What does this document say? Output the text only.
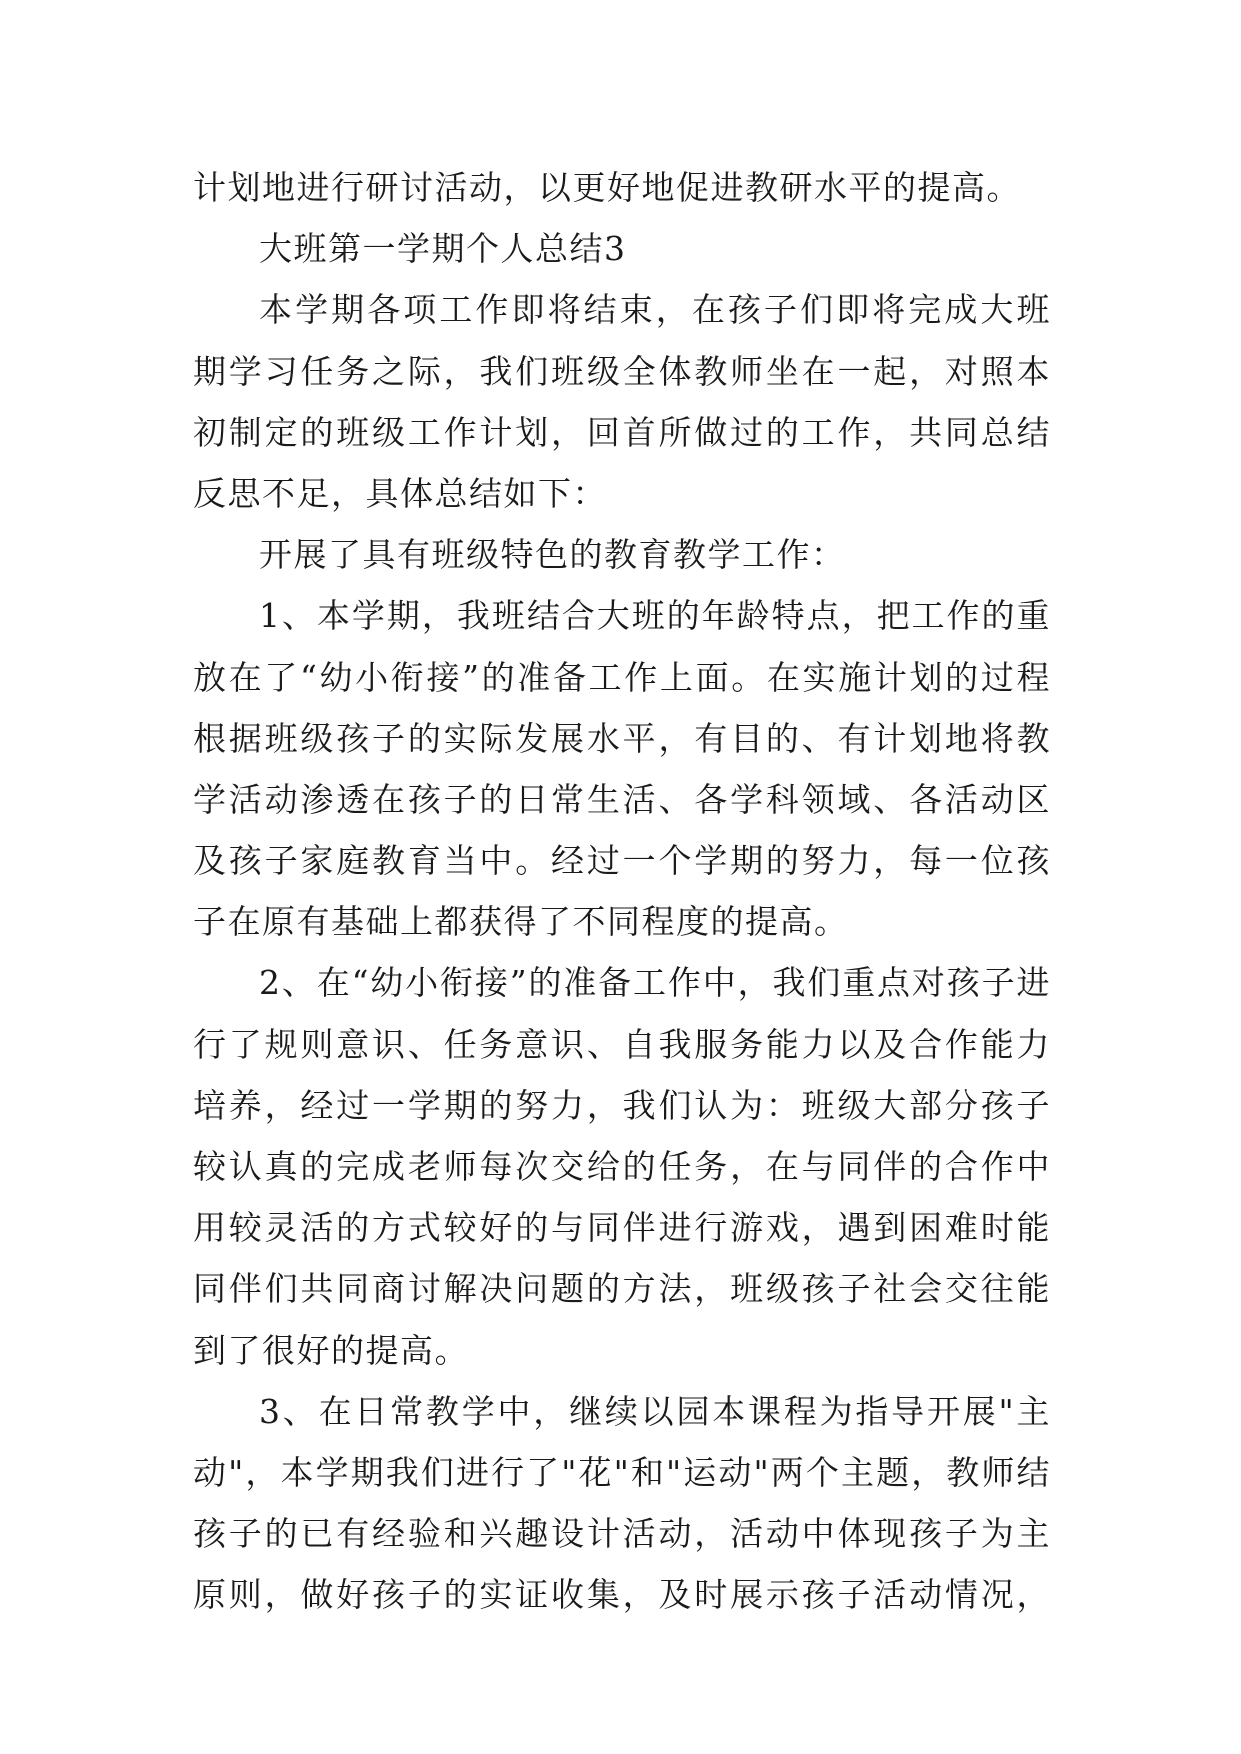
计划地进行研讨活动，以更好地促进教研水平的提高。
大班第一学期个人总结3
本学期各项工作即将结束，在孩子们即将完成大班
期学习任务之际，我们班级全体教师坐在一起，对照本
初制定的班级工作计划，回首所做过的工作，共同总结
反思不足，具体总结如下：
开展了具有班级特色的教育教学工作：
1、本学期，我班结合大班的年龄特点，把工作的重
放在了“幼小衔接”的准备工作上面。在实施计划的过程
根据班级孩子的实际发展水平，有目的、有计划地将教
学活动渗透在孩子的日常生活、各学科领域、各活动区
及孩子家庭教育当中。经过一个学期的努力，每一位孩
子在原有基础上都获得了不同程度的提高。
2、在“幼小衔接”的准备工作中，我们重点对孩子进
行了规则意识、任务意识、自我服务能力以及合作能力
培养，经过一学期的努力，我们认为：班级大部分孩子
较认真的完成老师每次交给的任务，在与同伴的合作中
用较灵活的方式较好的与同伴进行游戏，遇到困难时能
同伴们共同商讨解决问题的方法，班级孩子社会交往能
到了很好的提高。
3、在日常教学中，继续以园本课程为指导开展"主
动"，本学期我们进行了"花"和"运动"两个主题，教师结
孩子的已有经验和兴趣设计活动，活动中体现孩子为主
原则，做好孩子的实证收集，及时展示孩子活动情况，
